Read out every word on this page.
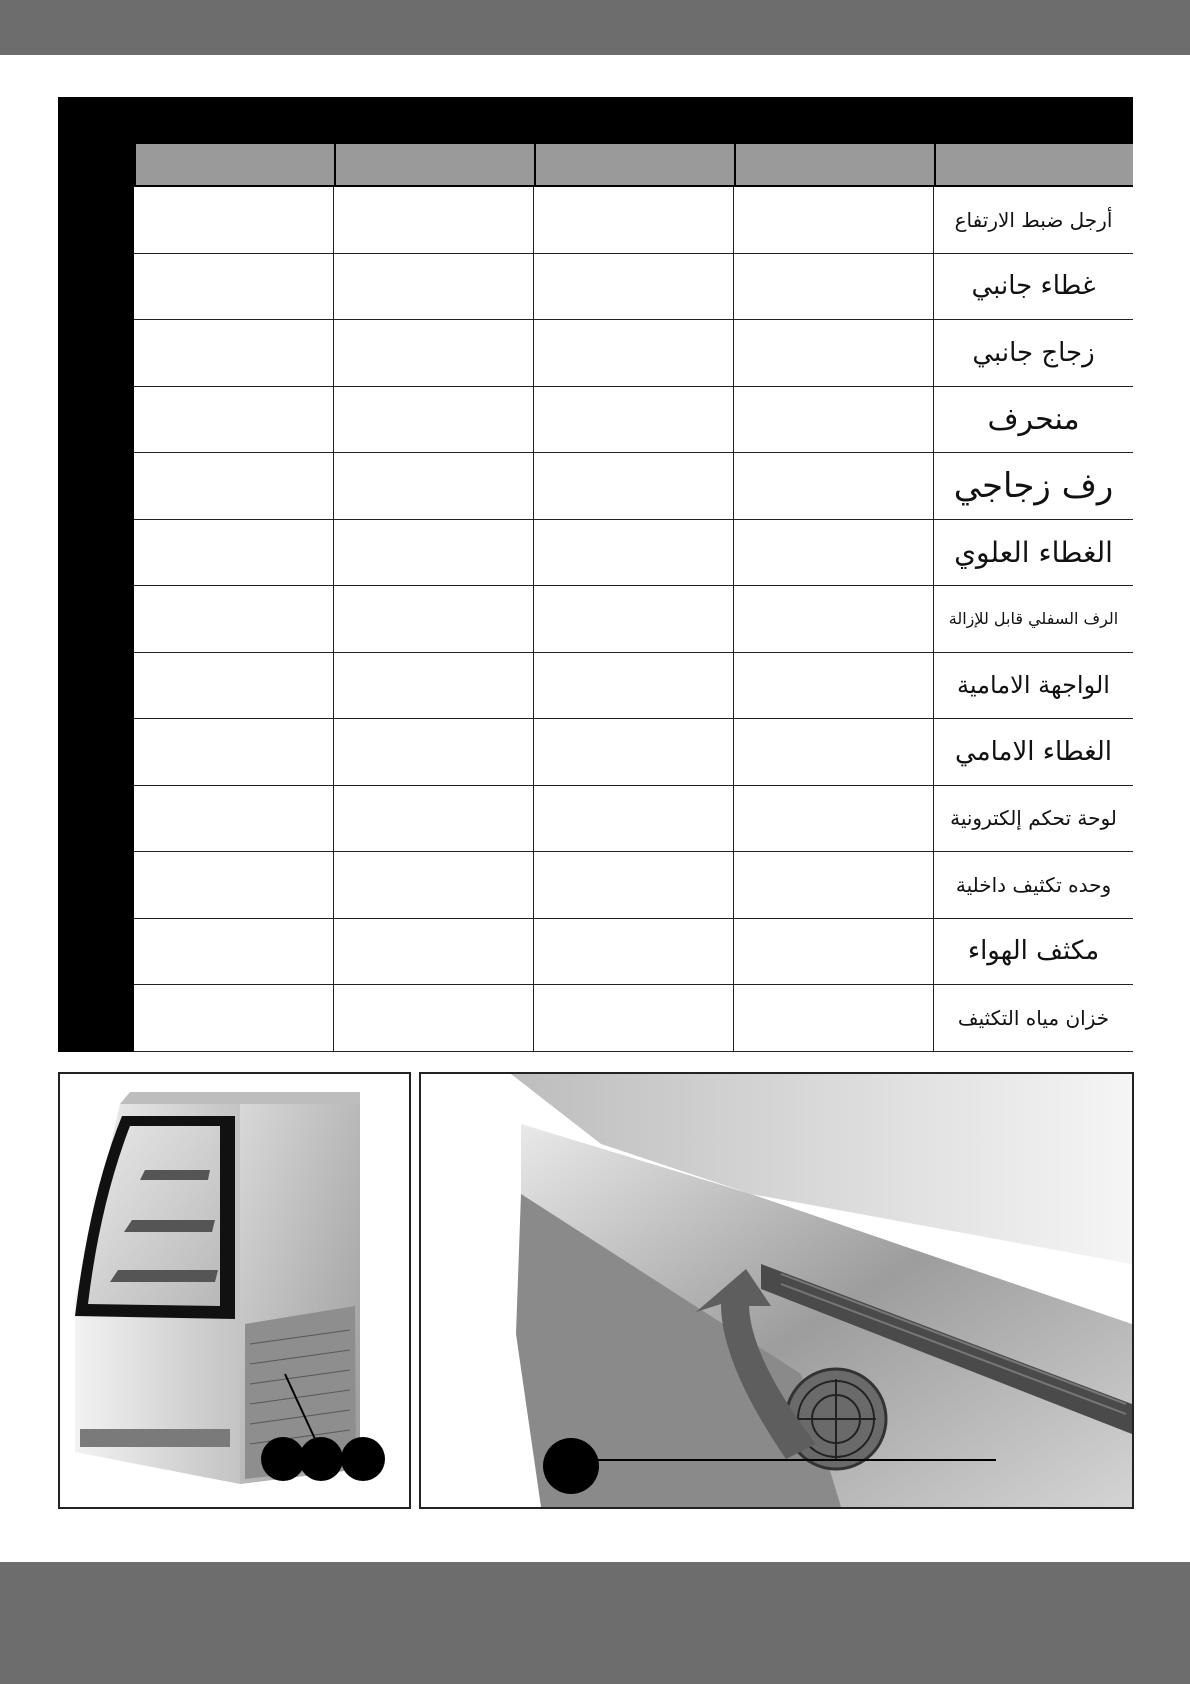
أرجل ضبط الارتفاع
غطاء جانبي
زجاج جانبي
منحرف
رف زجاجي
الغطاء العلوي
الرف السفلي قابل للإزالة
الواجهة الامامية
الغطاء الامامي
لوحة تحكم إلكترونية
وحده تكثيف داخلية
مكثف الهواء
خزان مياه التكثيف
